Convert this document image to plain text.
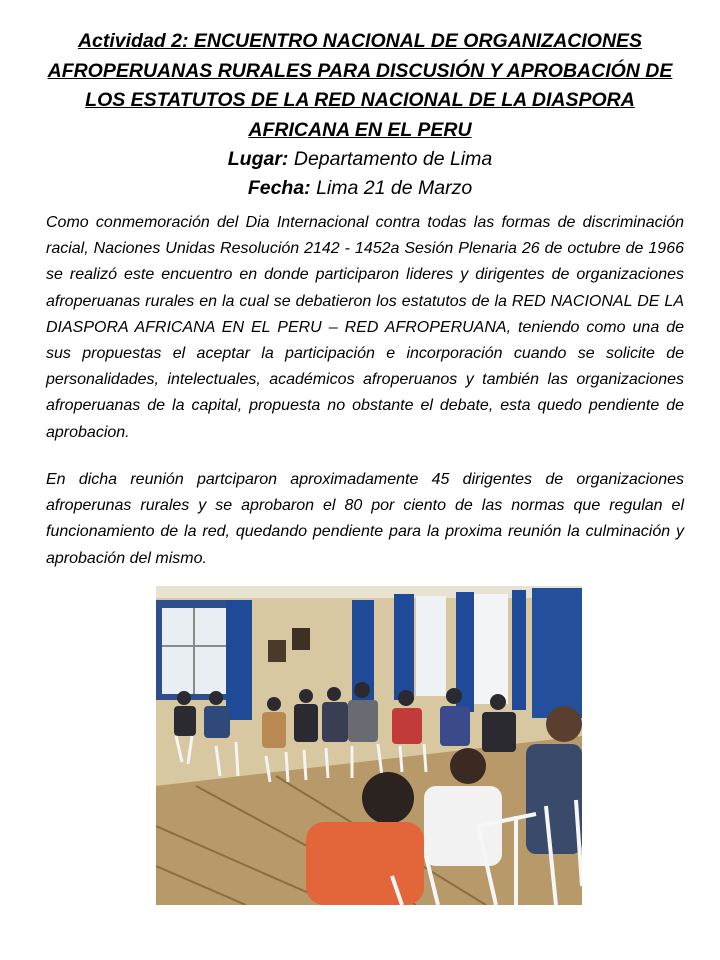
Actividad 2: ENCUENTRO NACIONAL DE ORGANIZACIONES AFROPERUANAS RURALES PARA DISCUSIÓN Y APROBACIÓN DE LOS ESTATUTOS DE LA RED NACIONAL DE LA DIASPORA AFRICANA EN EL PERU

Lugar: Departamento de Lima
Fecha: Lima 21 de Marzo

Como conmemoración del Dia Internacional contra todas las formas de discriminación racial, Naciones Unidas Resolución 2142 - 1452a Sesión Plenaria 26 de octubre de 1966 se realizó este encuentro en donde participaron lideres y dirigentes de organizaciones afroperuanas rurales en la cual se debatieron los estatutos de la RED NACIONAL DE LA DIASPORA AFRICANA EN EL PERU – RED AFROPERUANA, teniendo como una de sus propuestas el aceptar la participación e incorporación cuando se solicite de personalidades, intelectuales, académicos afroperuanos y también las organizaciones afroperuanas de la capital, propuesta no obstante el debate, esta quedo pendiente de aprobacion.

En dicha reunión partciparon aproximadamente 45 dirigentes de organizaciones afroperunas rurales y se aprobaron el 80 por ciento de las normas que regulan el funcionamiento de la red, quedando pendiente para la proxima reunión la culminación y aprobación del mismo.
